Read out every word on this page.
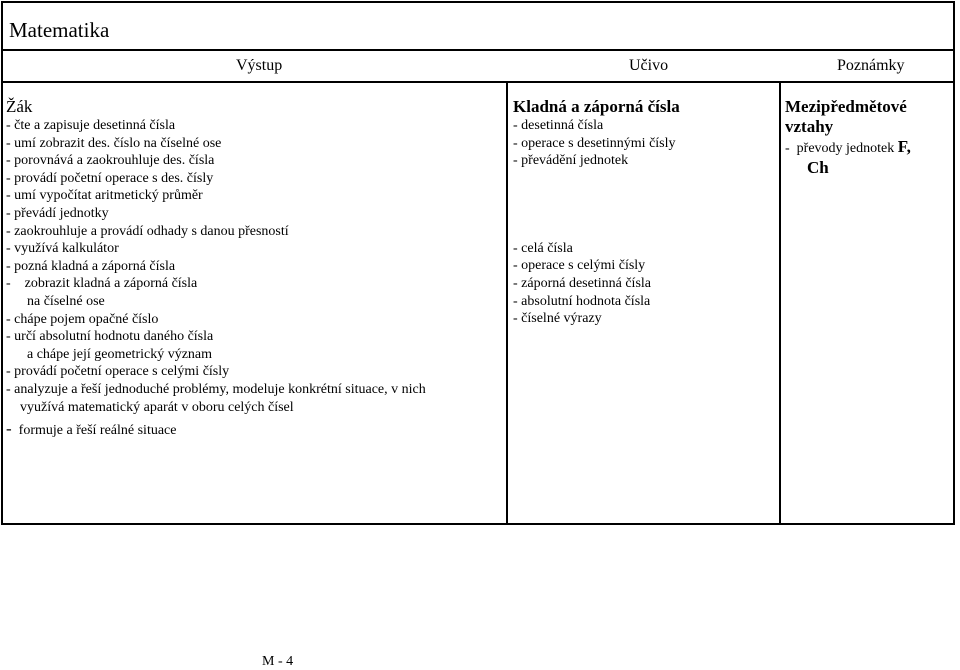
Matematika
Výstup	Učivo	Poznámky
Žák
- čte a zapisuje desetinná čísla
- umí zobrazit des. číslo na číselné ose
- porovnává a zaokrouhluje des. čísla
- provádí početní operace s des. čísly
- umí vypočítat aritmetický průměr
- převádí jednotky
- zaokrouhluje a provádí odhady s danou přesností
- využívá kalkulátor
- pozná kladná a záporná čísla
-    zobrazit kladná a záporná čísla
na číselné ose
- chápe pojem opačné číslo
- určí absolutní hodnotu daného čísla
a chápe její geometrický význam
- provádí početní operace s celými čísly
- analyzuje a řeší jednoduché problémy, modeluje konkrétní situace, v nich
využívá matematický aparát v oboru celých čísel
-  formuje a řeší reálné situace
Kladná a záporná čísla
- desetinná čísla
- operace s desetinnými čísly
- převádění jednotek
- celá čísla
- operace s celými čísly
- záporná desetinná čísla
- absolutní hodnota čísla
- číselné výrazy
Mezipředmětové
vztahy
-  převody jednotek F,
Ch
M - 4
